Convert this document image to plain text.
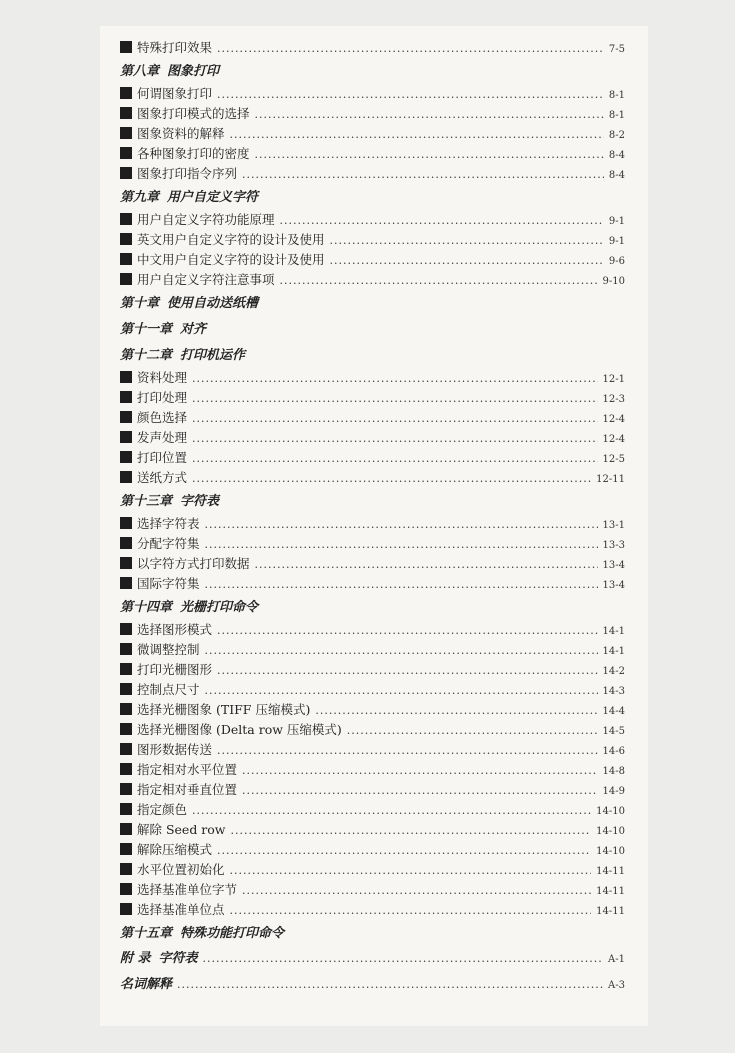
特殊打印效果 .....	7-5
第八章 图象打印
何谓图象打印 .....	8-1
图象打印模式的选择 .....	8-1
图象资料的解释 .....	8-2
各种图象打印的密度 .....	8-4
图象打印指令序列 .....	8-4
第九章 用户自定义字符
用户自定义字符功能原理 .....	9-1
英文用户自定义字符的设计及使用 .....	9-1
中文用户自定义字符的设计及使用 .....	9-6
用户自定义字符注意事项 .....	9-10
第十章 使用自动送纸槽
第十一章 对齐
第十二章 打印机运作
资料处理 .....	12-1
打印处理 .....	12-3
颜色选择 .....	12-4
发声处理 .....	12-4
打印位置 .....	12-5
送纸方式 .....	12-11
第十三章 字符表
选择字符表 .....	13-1
分配字符集 .....	13-3
以字符方式打印数据 .....	13-4
国际字符集 .....	13-4
第十四章 光栅打印命令
选择图形模式 .....	14-1
微调整控制 .....	14-1
打印光栅图形 .....	14-2
控制点尺寸 .....	14-3
选择光栅图象 (TIFF 压缩模式) .....	14-4
选择光栅图像 (Delta row 压缩模式) .....	14-5
图形数据传送 .....	14-6
指定相对水平位置 .....	14-8
指定相对垂直位置 .....	14-9
指定颜色 .....	14-10
解除 Seed row .....	14-10
解除压缩模式 .....	14-10
水平位置初始化 .....	14-11
选择基准单位字节 .....	14-11
选择基准单位点 .....	14-11
第十五章 特殊功能打印命令
附 录 字符表 .....	A-1
名词解释 .....	A-3
